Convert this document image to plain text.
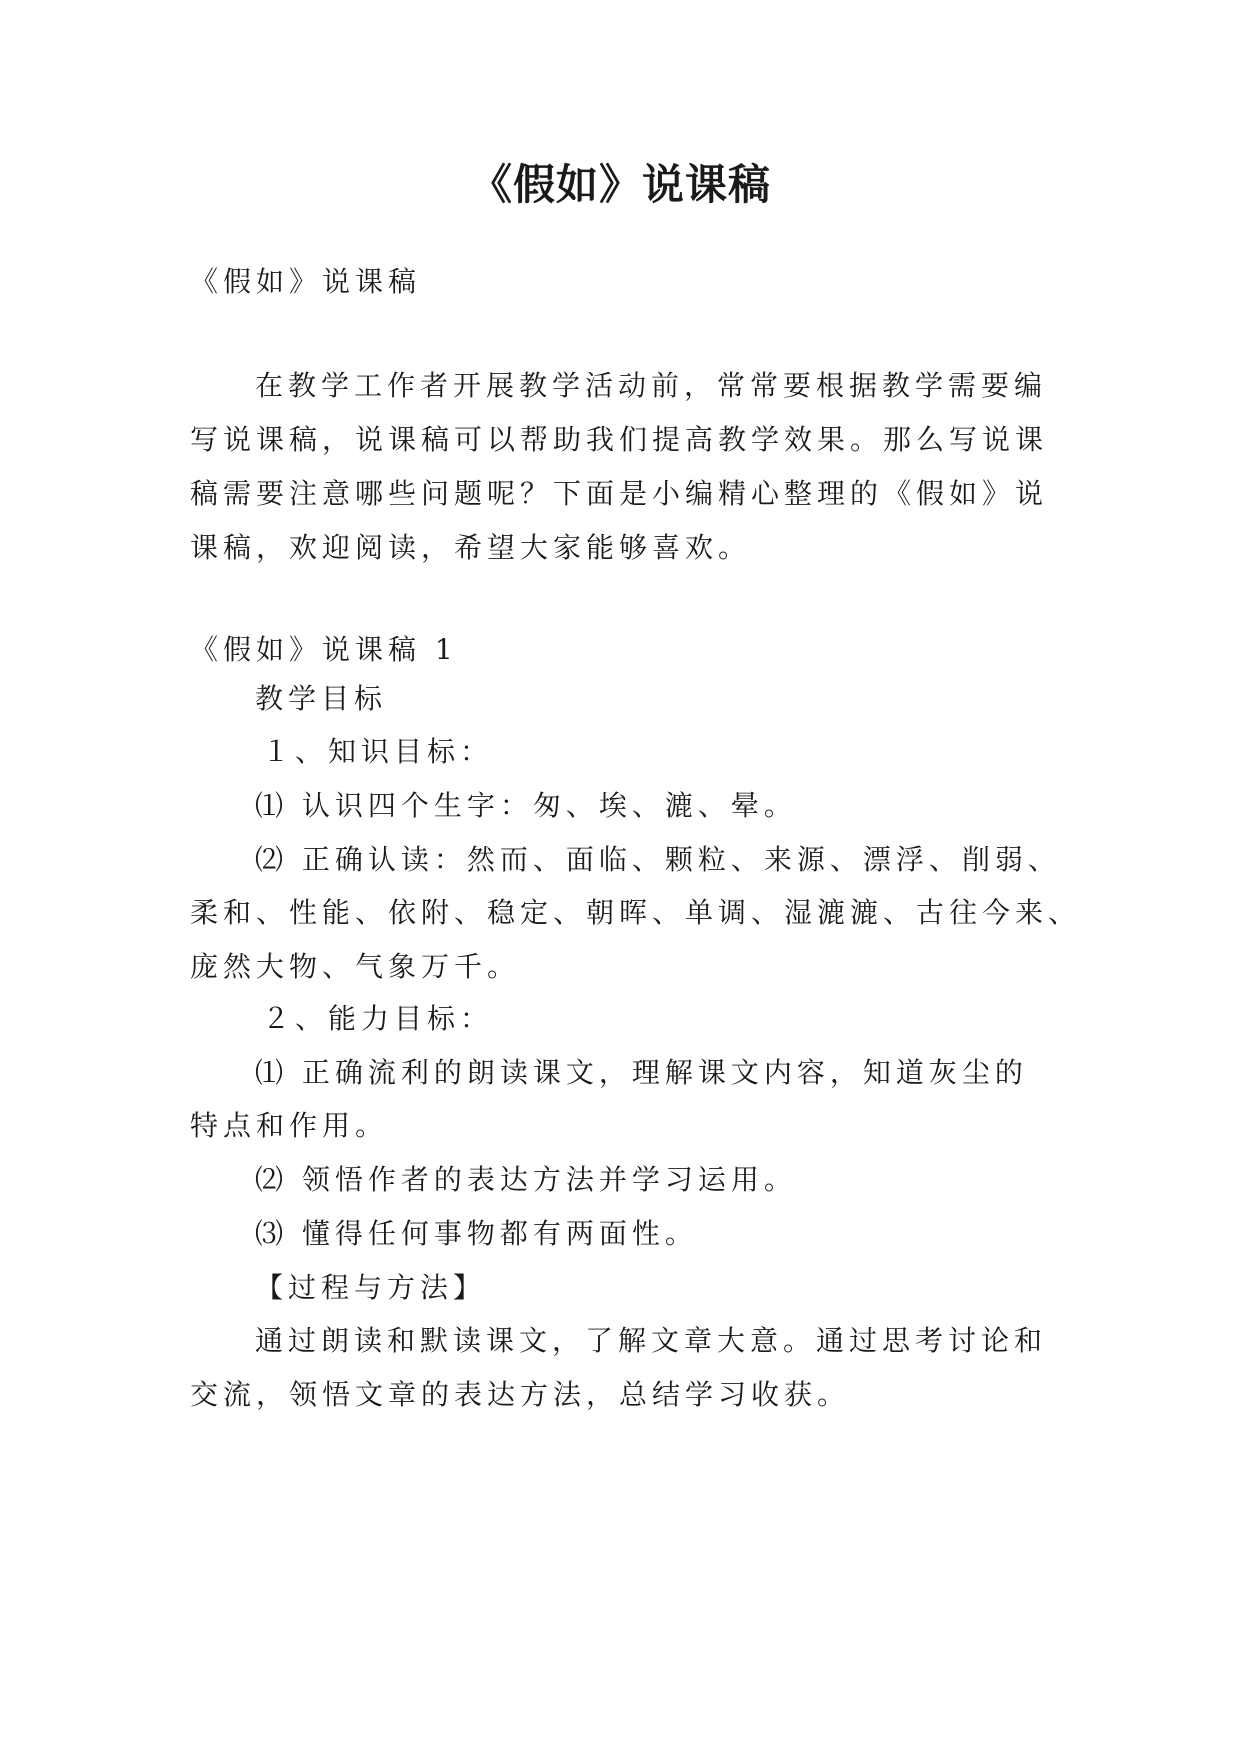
《假如》说课稿
《假如》说课稿
在教学工作者开展教学活动前，常常要根据教学需要编
写说课稿，说课稿可以帮助我们提高教学效果。那么写说课
稿需要注意哪些问题呢？下面是小编精心整理的《假如》说
课稿，欢迎阅读，希望大家能够喜欢。
《假如》说课稿 1
教学目标
１、知识目标：
⑴ 认识四个生字：匆、埃、漉、晕。
⑵ 正确认读：然而、面临、颗粒、来源、漂浮、削弱、
柔和、性能、依附、稳定、朝晖、单调、湿漉漉、古往今来、
庞然大物、气象万千。
２、能力目标：
⑴ 正确流利的朗读课文，理解课文内容，知道灰尘的
特点和作用。
⑵ 领悟作者的表达方法并学习运用。
⑶ 懂得任何事物都有两面性。
【过程与方法】
通过朗读和默读课文，了解文章大意。通过思考讨论和
交流，领悟文章的表达方法，总结学习收获。
